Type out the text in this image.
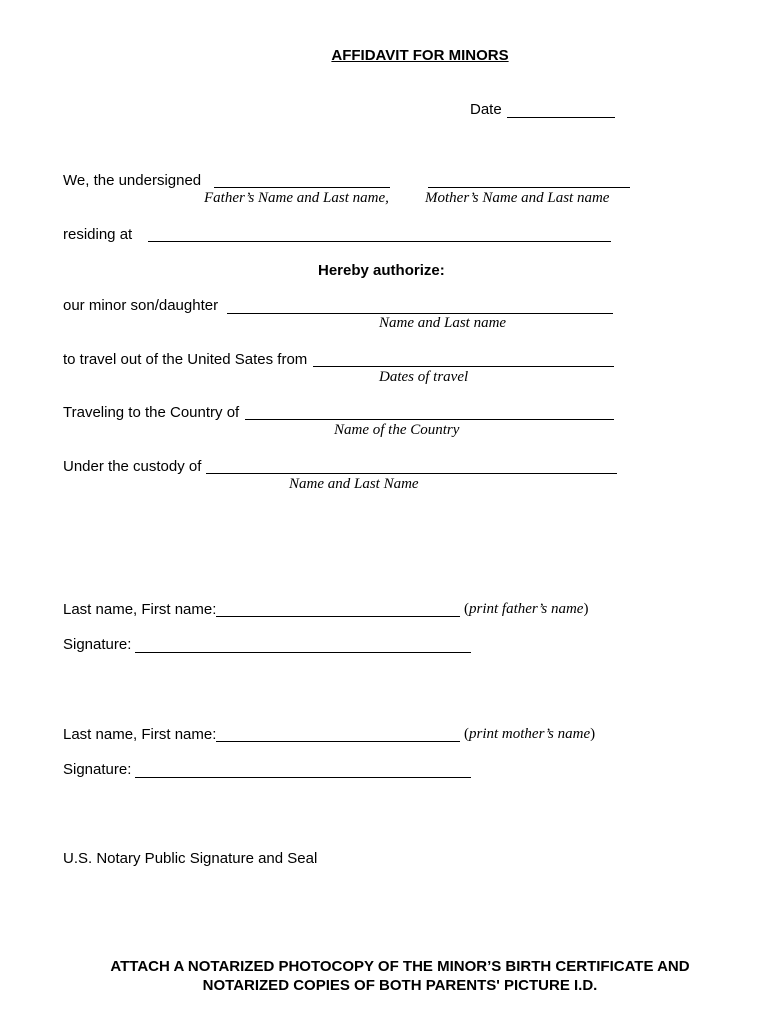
AFFIDAVIT FOR MINORS
Date
We, the undersigned
Father’s Name and Last name, Mother’s Name and Last name
residing at
Hereby authorize:
our minor son/daughter
Name and Last name
to travel out of the United Sates from
Dates of travel
Traveling to the Country of
Name of the Country
Under the custody of
Name and Last Name
Last name, First name:	(print father’s name)
Signature:
Last name, First name:	(print mother’s name)
Signature:
U.S. Notary Public Signature and Seal
ATTACH A NOTARIZED PHOTOCOPY OF THE MINOR’S BIRTH CERTIFICATE AND
NOTARIZED COPIES OF BOTH PARENTS' PICTURE I.D.
